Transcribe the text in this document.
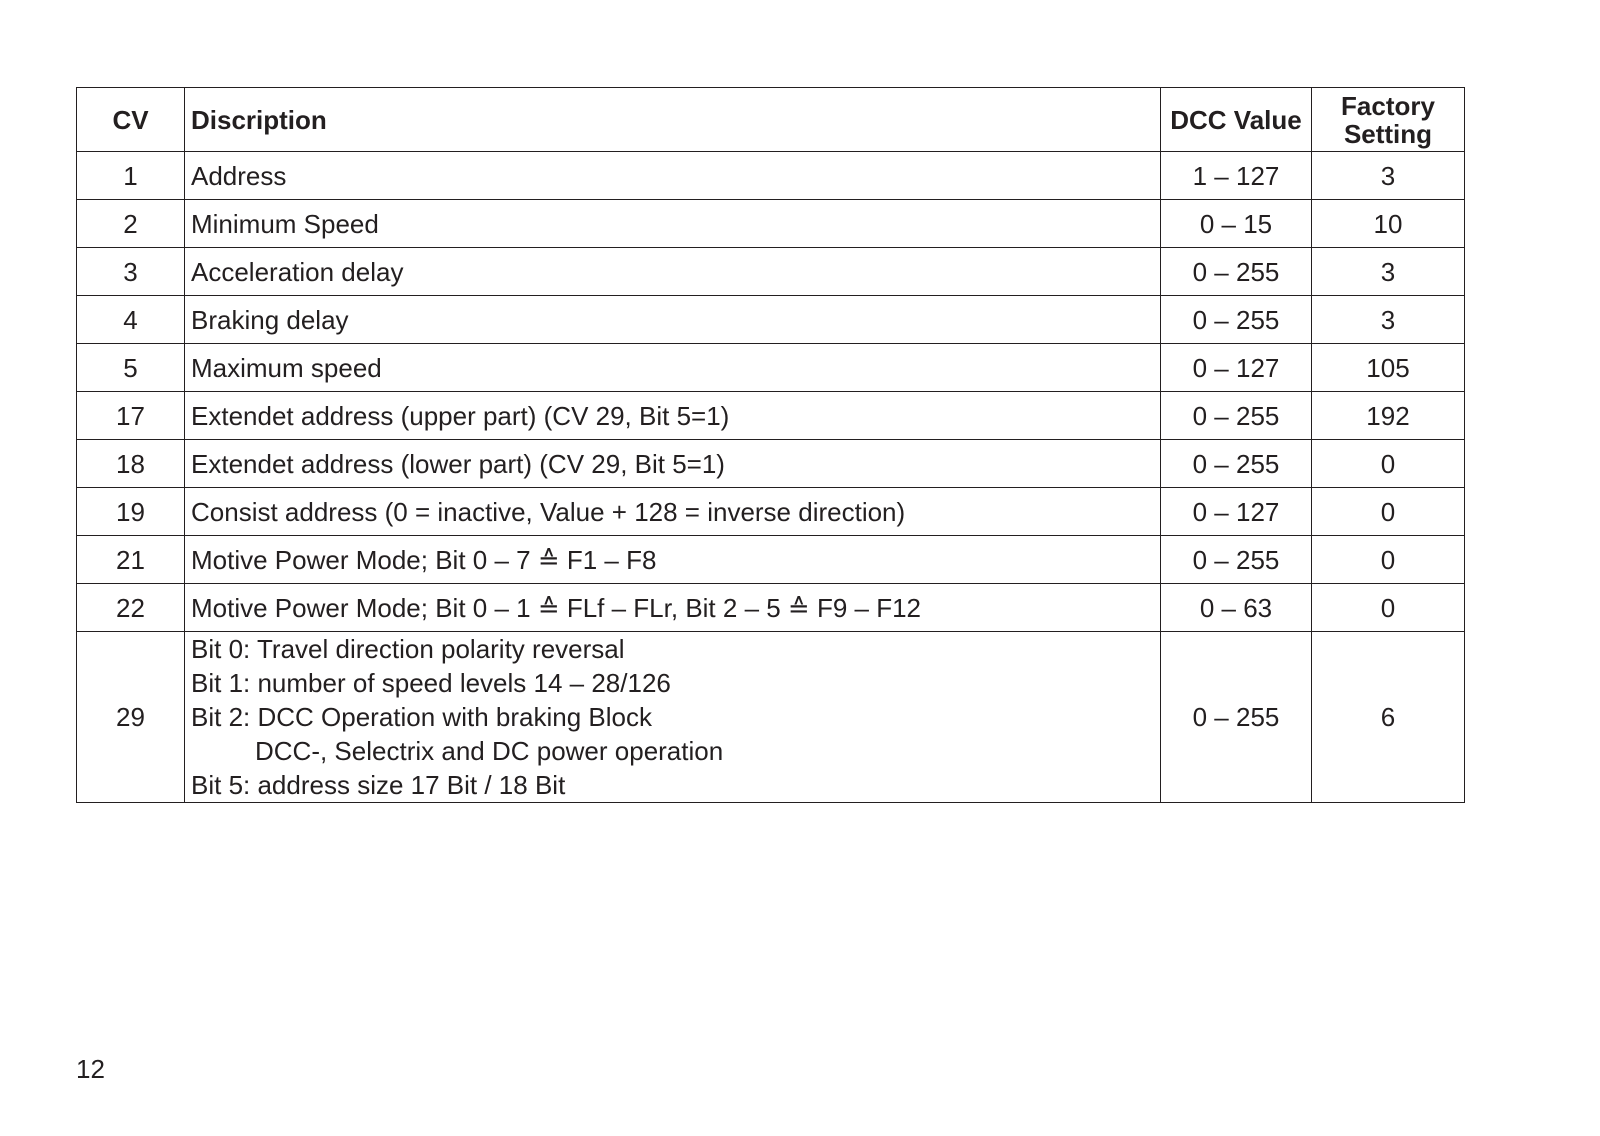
CV	Discription	DCC Value	Factory
Setting

1	Address	1 – 127	3
2	Minimum Speed	0 – 15	10
3	Acceleration delay	0 – 255	3
4	Braking delay	0 – 255	3
5	Maximum speed	0 – 127	105
17	Extendet address (upper part) (CV 29, Bit 5=1)	0 – 255	192
18	Extendet address (lower part) (CV 29, Bit 5=1)	0 – 255	0
19	Consist address (0 = inactive, Value + 128 = inverse direction)	0 – 127	0
21	Motive Power Mode; Bit 0 – 7 ≙ F1 – F8	0 – 255	0
22	Motive Power Mode; Bit 0 – 1 ≙ FLf – FLr, Bit 2 – 5 ≙ F9 – F12	0 – 63	0
29	Bit 0: Travel direction polarity reversal
Bit 1: number of speed levels 14 – 28/126
Bit 2: DCC Operation with braking Block
DCC-, Selectrix and DC power operation
Bit 5: address size 17 Bit / 18 Bit	0 – 255	6
12
